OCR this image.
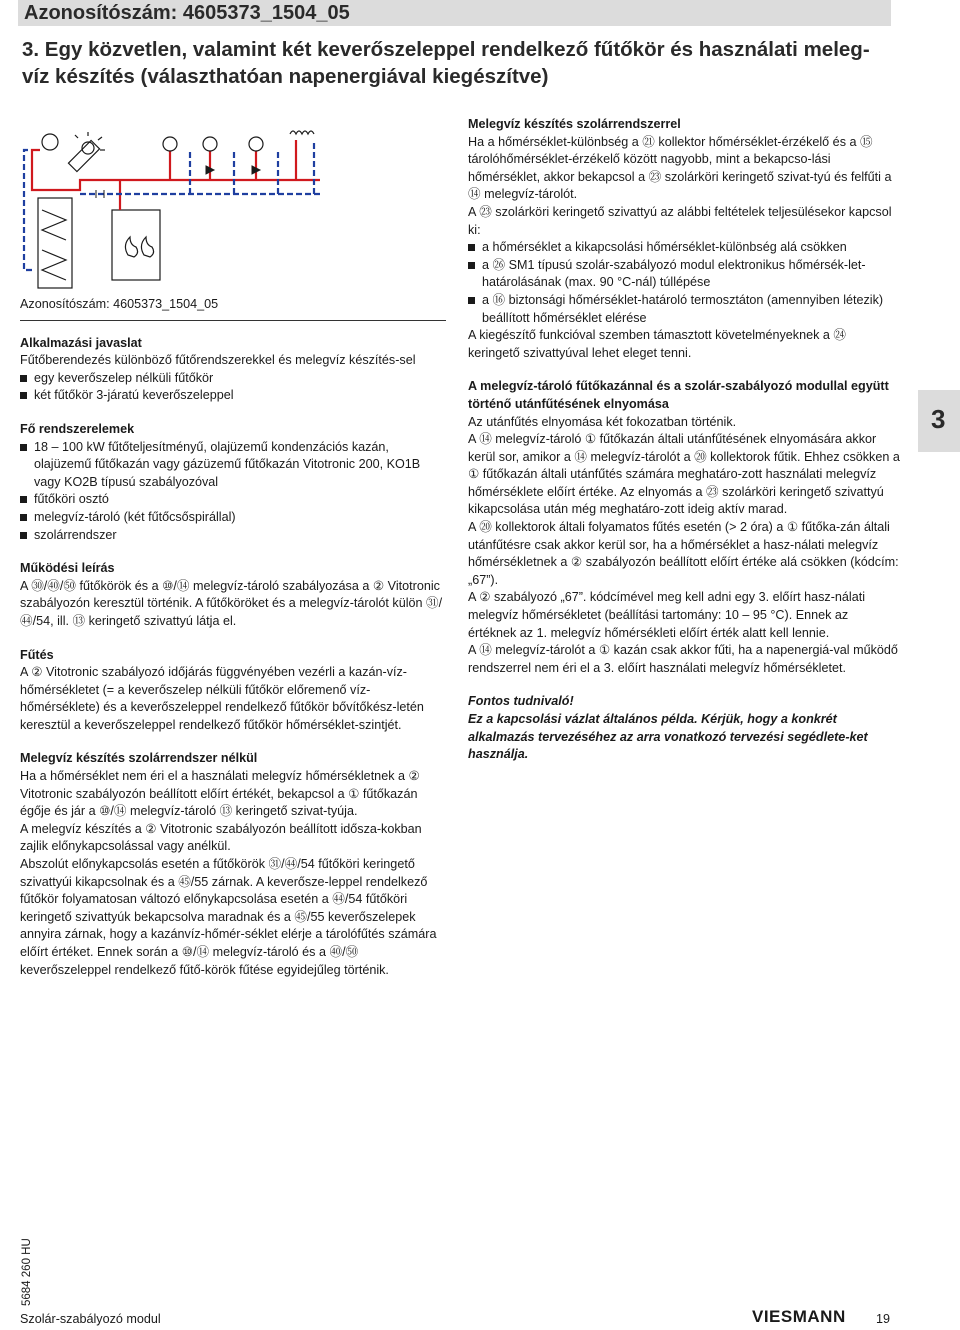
Azonosítószám: 4605373_1504_05
3. Egy közvetlen, valamint két keverőszeleppel rendelkező fűtőkör és használati meleg-
víz készítés (választhatóan napenergiával kiegészítve)

Azonosítószám: 4605373_1504_05

Alkalmazási javaslat

Fűtőberendezés különböző fűtőrendszerekkel és melegvíz készítés-sel

egy keverőszelep nélküli fűtőkör

két fűtőkör 3-járatú keverőszeleppel

Fő rendszerelemek

18 – 100 kW fűtőteljesítményű, olajüzemű kondenzációs kazán, olajüzemű fűtőkazán vagy gázüzemű fűtőkazán Vitotronic 200, KO1B vagy KO2B típusú szabályozóval

fűtőköri osztó

melegvíz-tároló (két fűtőcsőspirállal)

szolárrendszer

Működési leírás

A ㉚/㊵/㊿ fűtőkörök és a ⑩/⑭ melegvíz-tároló szabályozása a ② Vitotronic szabályozón keresztül történik. A fűtőköröket és a melegvíz-tárolót külön ㉛/㊹/54, ill. ⑬ keringető szivattyú látja el.

Fűtés

A ② Vitotronic szabályozó időjárás függvényében vezérli a kazán-víz-hőmérsékletet (= a keverőszelep nélküli fűtőkör előremenő víz-hőmérséklete) és a keverőszeleppel rendelkező fűtőkör bővítőkész-letén keresztül a keverőszeleppel rendelkező fűtőkör hőmérséklet-szintjét.

Melegvíz készítés szolárrendszer nélkül

Ha a hőmérséklet nem éri el a használati melegvíz hőmérsékletnek a ② Vitotronic szabályozón beállított előírt értékét, bekapcsol a ① fűtőkazán égője és jár a ⑩/⑭ melegvíz-tároló ⑬ keringető szivat-tyúja.

A melegvíz készítés a ② Vitotronic szabályozón beállított idősza-kokban zajlik előnykapcsolással vagy anélkül.

Abszolút előnykapcsolás esetén a fűtőkörök ㉛/㊹/54 fűtőköri keringető szivattyúi kikapcsolnak és a ㊺/55 zárnak. A keverősze-leppel rendelkező fűtőkör folyamatosan változó előnykapcsolása esetén a ㊹/54 fűtőköri keringető szivattyúk bekapcsolva maradnak és a ㊺/55 keverőszelepek annyira zárnak, hogy a kazánvíz-hőmér-séklet elérje a tárolófűtés számára előírt értéket. Ennek során a ⑩/⑭ melegvíz-tároló és a ㊵/㊿ keverőszeleppel rendelkező fűtő-körök fűtése egyidejűleg történik.

Melegvíz készítés szolárrendszerrel

Ha a hőmérséklet-különbség a ㉑ kollektor hőmérséklet-érzékelő és a ⑮ tárolóhőmérséklet-érzékelő között nagyobb, mint a bekapcso-lási hőmérséklet, akkor bekapcsol a ㉓ szolárköri keringető szivat-tyú és felfűti a ⑭ melegvíz-tárolót.

A ㉓ szolárköri keringető szivattyú az alábbi feltételek teljesülésekor kapcsol ki:

a hőmérséklet a kikapcsolási hőmérséklet-különbség alá csökken

a ㉖ SM1 típusú szolár-szabályozó modul elektronikus hőmérsék-let-határolásának (max. 90 °C-nál) túllépése

a ⑯ biztonsági hőmérséklet-határoló termosztáton (amennyiben létezik) beállított hőmérséklet elérése

A kiegészítő funkcióval szemben támasztott követelményeknek a ㉔ keringető szivattyúval lehet eleget tenni.

A melegvíz-tároló fűtőkazánnal és a szolár-szabályozó modullal együtt történő utánfűtésének elnyomása

Az utánfűtés elnyomása két fokozatban történik.

A ⑭ melegvíz-tároló ① fűtőkazán általi utánfűtésének elnyomására akkor kerül sor, amikor a ⑭ melegvíz-tárolót a ⑳ kollektorok fűtik. Ehhez csökken a ① fűtőkazán általi utánfűtés számára meghatáro-zott használati melegvíz hőmérséklete előírt értéke. Az elnyomás a ㉓ szolárköri keringető szivattyú kikapcsolása után még meghatáro-zott ideig aktív marad.

A ⑳ kollektorok általi folyamatos fűtés esetén (> 2 óra) a ① fűtőka-zán általi utánfűtésre csak akkor kerül sor, ha a hőmérséklet a hasz-nálati melegvíz hőmérsékletnek a ② szabályozón beállított előírt értéke alá csökken (kódcím: „67”).

A ② szabályozó „67”. kódcímével meg kell adni egy 3. előírt hasz-nálati melegvíz hőmérsékletet (beállítási tartomány: 10 – 95 °C). Ennek az értéknek az 1. melegvíz hőmérsékleti előírt érték alatt kell lennie.

A ⑭ melegvíz-tárolót a ① kazán csak akkor fűti, ha a napenergiá-val működő rendszerrel nem éri el a 3. előírt használati melegvíz hőmérsékletet.

Fontos tudnivaló!

Ez a kapcsolási vázlat általános példa. Kérjük, hogy a konkrét alkalmazás tervezéséhez az arra vonatkozó tervezési segédlete-ket használja.

3
5684 260 HU
Szolár-szabályozó modul	VIESMANN 19
